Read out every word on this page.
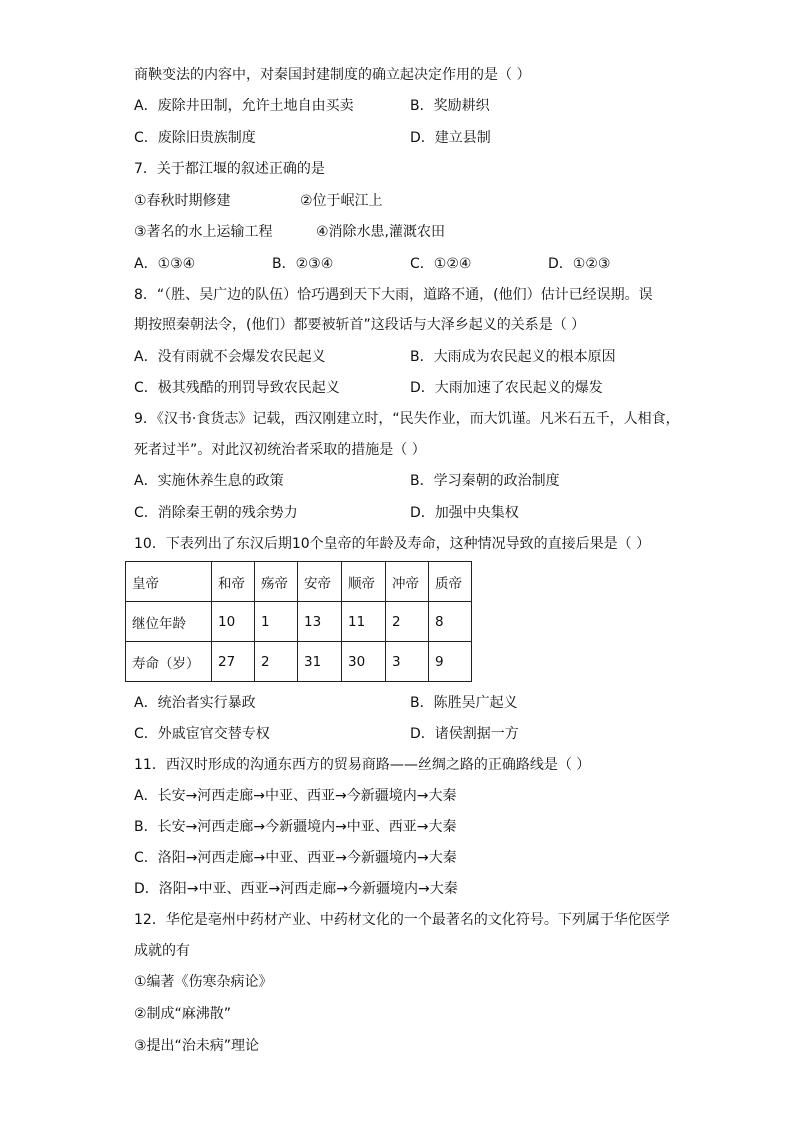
商鞅变法的内容中，对秦国封建制度的确立起决定作用的是（ ）
A．废除井田制，允许土地自由买卖	B．奖励耕织
C．废除旧贵族制度	D．建立县制
7．关于都江堰的叙述正确的是
①春秋时期修建	②位于岷江上
③著名的水上运输工程	④消除水患,灌溉农田
A．①③④	B．②③④	C．①②④	D．①②③
8．“（胜、吴广边的队伍）恰巧遇到天下大雨，道路不通，(他们）估计已经误期。误
期按照秦朝法令，(他们）都要被斩首”这段话与大泽乡起义的关系是（ ）
A．没有雨就不会爆发农民起义	B．大雨成为农民起义的根本原因
C．极其残酷的刑罚导致农民起义	D．大雨加速了农民起义的爆发
9．《汉书·食货志》记载，西汉刚建立时，“民失作业，而大饥谨。凡米石五千，人相食，
死者过半”。对此汉初统治者采取的措施是（ ）
A．实施休养生息的政策	B．学习秦朝的政治制度
C．消除秦王朝的残余势力	D．加强中央集权
10．下表列出了东汉后期10个皇帝的年龄及寿命，这种情况导致的直接后果是（ ）
皇帝	和帝	殇帝	安帝	顺帝	冲帝	质帝
继位年龄	10	1	13	11	2	8
寿命（岁）	27	2	31	30	3	9
A．统治者实行暴政	B．陈胜吴广起义
C．外戚宦官交替专权	D．诸侯割据一方
11．西汉时形成的沟通东西方的贸易商路——丝绸之路的正确路线是（ ）
A．长安→河西走廊→中亚、西亚→今新疆境内→大秦
B．长安→河西走廊→今新疆境内→中亚、西亚→大秦
C．洛阳→河西走廊→中亚、西亚→今新疆境内→大秦
D．洛阳→中亚、西亚→河西走廊→今新疆境内→大秦
12．华佗是亳州中药材产业、中药材文化的一个最著名的文化符号。下列属于华佗医学
成就的有
①编著《伤寒杂病论》
②制成“麻沸散”
③提出“治未病”理论
